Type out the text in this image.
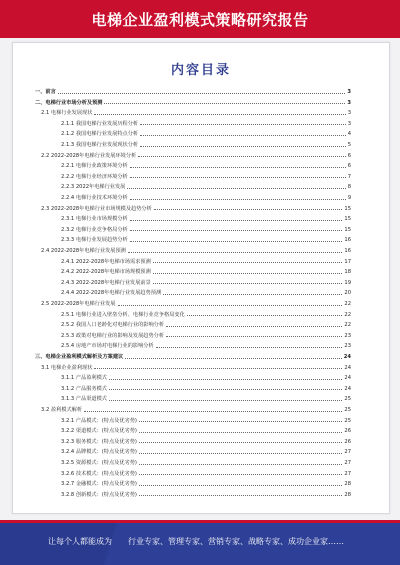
电梯企业盈利模式策略研究报告
内容目录
一、前言	3
二、电梯行业市场分析及预测	3
2.1 电梯行业发展现状	3
2.1.1 我国电梯行业发展历程分析	3
2.1.2 我国电梯行业发展特点分析	4
2.1.3 我国电梯行业发展现状分析	5
2.2 2022-2028年电梯行业发展环境分析	6
2.2.1 电梯行业政策环境分析	6
2.2.2 电梯行业经济环境分析	7
2.2.3 2022年电梯行业发展	8
2.2.4 电梯行业技术环境分析	9
2.3 2022-2028年电梯行业市场规模及趋势分析	15
2.3.1 电梯行业市场规模分析	15
2.3.2 电梯行业竞争格局分析	15
2.3.3 电梯行业发展趋势分析	16
2.4 2022-2028年电梯行业发展预测	16
2.4.1 2022-2028年电梯市场需求预测	17
2.4.2 2022-2028年电梯市场规模预测	18
2.4.3 2022-2028年电梯行业发展前景	19
2.4.4 2022-2028年电梯行业发展趋势预测	20
2.5 2022-2028年电梯行业发展	22
2.5.1 电梯行业进入壁垒分析、电梯行业竞争格局变化	22
2.5.2 我国人口老龄化对电梯行业的影响分析	22
2.5.3 政策对电梯行业的影响及发展趋势分析	23
2.5.4 房地产市场对电梯行业的影响分析	23
三、电梯企业盈利模式解析及方案建议	24
3.1 电梯企业盈利现状	24
3.1.1 产品盈利模式	24
3.1.2 产品服务模式	24
3.1.3 产品渠道模式	25
3.2 盈利模式解析	25
3.2.1 产品模式：(特点及优劣势)	25
3.2.2 渠道模式：(特点及优劣势)	26
3.2.3 服务模式：(特点及优劣势)	26
3.2.4 品牌模式：(特点及优劣势)	27
3.2.5 资源模式：(特点及优劣势)	27
3.2.6 技术模式：(特点及优劣势)	27
3.2.7 金融模式：(特点及优劣势)	28
3.2.8 创新模式：(特点及优劣势)	28
让每个人都能成为 行业专家、管理专家、营销专家、战略专家、成功企业家……
